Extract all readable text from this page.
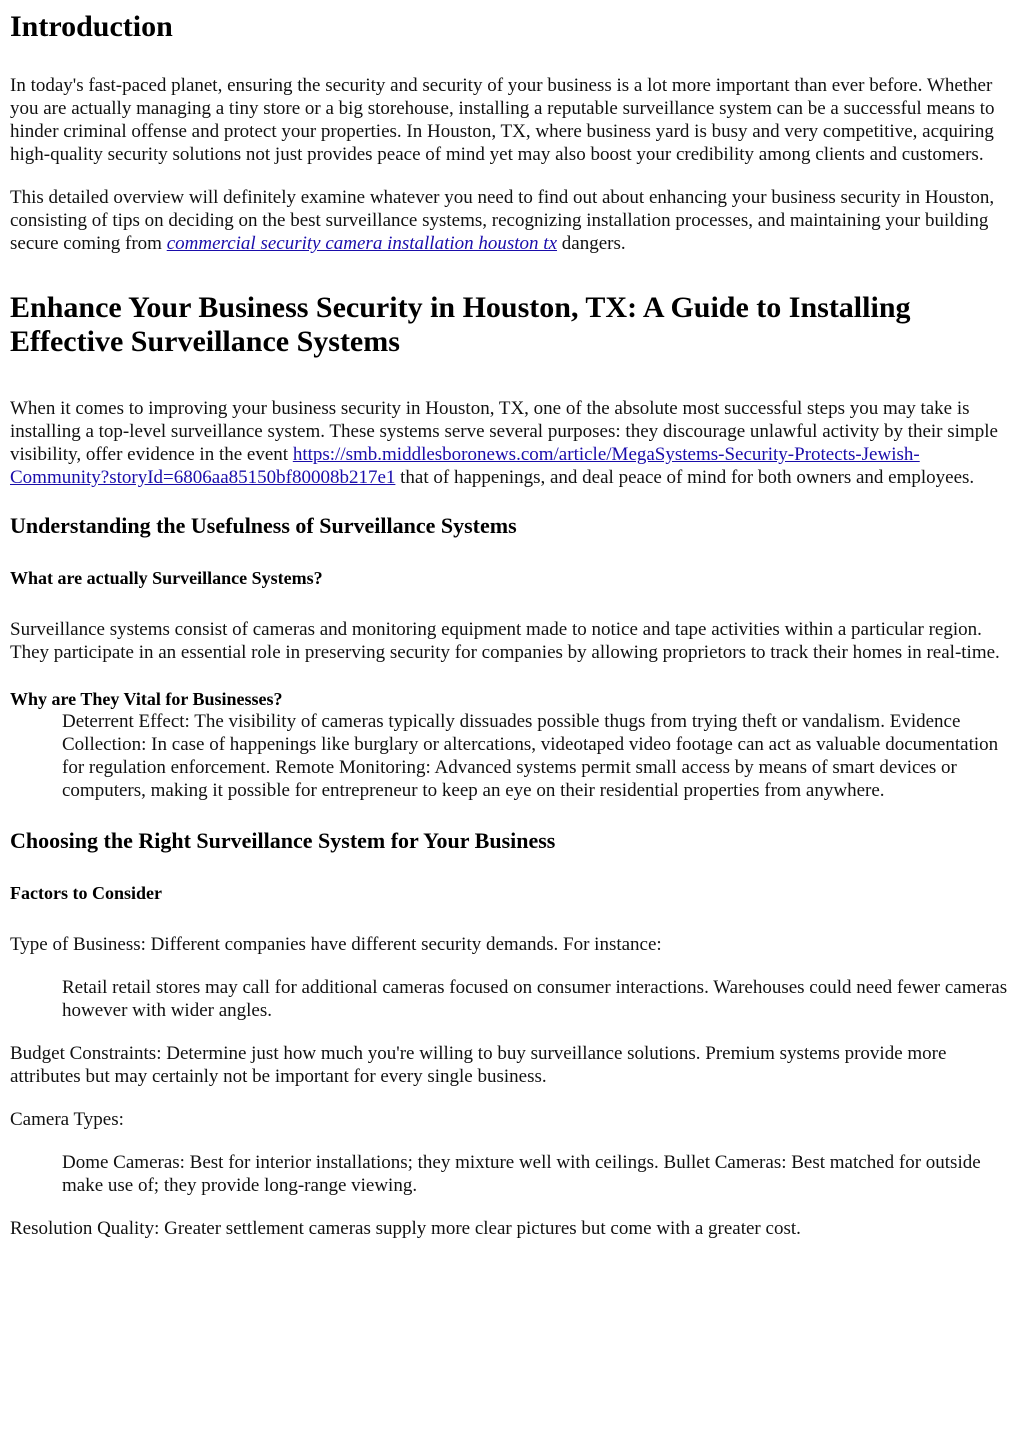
Introduction

In today's fast-paced planet, ensuring the security and security of your business is a lot more important than ever before. Whether you are actually managing a tiny store or a big storehouse, installing a reputable surveillance system can be a successful means to hinder criminal offense and protect your properties. In Houston, TX, where business yard is busy and very competitive, acquiring high-quality security solutions not just provides peace of mind yet may also boost your credibility among clients and customers.

This detailed overview will definitely examine whatever you need to find out about enhancing your business security in Houston, consisting of tips on deciding on the best surveillance systems, recognizing installation processes, and maintaining your building secure coming from commercial security camera installation houston tx dangers.

Enhance Your Business Security in Houston, TX: A Guide to Installing Effective Surveillance Systems

When it comes to improving your business security in Houston, TX, one of the absolute most successful steps you may take is installing a top-level surveillance system. These systems serve several purposes: they discourage unlawful activity by their simple visibility, offer evidence in the event https://smb.middlesboronews.com/article/MegaSystems-Security-Protects-Jewish-Community?storyId=6806aa85150bf80008b217e1 that of happenings, and deal peace of mind for both owners and employees.

Understanding the Usefulness of Surveillance Systems
What are actually Surveillance Systems?

Surveillance systems consist of cameras and monitoring equipment made to notice and tape activities within a particular region. They participate in an essential role in preserving security for companies by allowing proprietors to track their homes in real-time.

Why are They Vital for Businesses?

Deterrent Effect: The visibility of cameras typically dissuades possible thugs from trying theft or vandalism. Evidence Collection: In case of happenings like burglary or altercations, videotaped video footage can act as valuable documentation for regulation enforcement. Remote Monitoring: Advanced systems permit small access by means of smart devices or computers, making it possible for entrepreneur to keep an eye on their residential properties from anywhere.

Choosing the Right Surveillance System for Your Business
Factors to Consider

Type of Business: Different companies have different security demands. For instance:

Retail retail stores may call for additional cameras focused on consumer interactions. Warehouses could need fewer cameras however with wider angles.

Budget Constraints: Determine just how much you're willing to buy surveillance solutions. Premium systems provide more attributes but may certainly not be important for every single business.

Camera Types:

Dome Cameras: Best for interior installations; they mixture well with ceilings. Bullet Cameras: Best matched for outside make use of; they provide long-range viewing.

Resolution Quality: Greater settlement cameras supply more clear pictures but come with a greater cost.
